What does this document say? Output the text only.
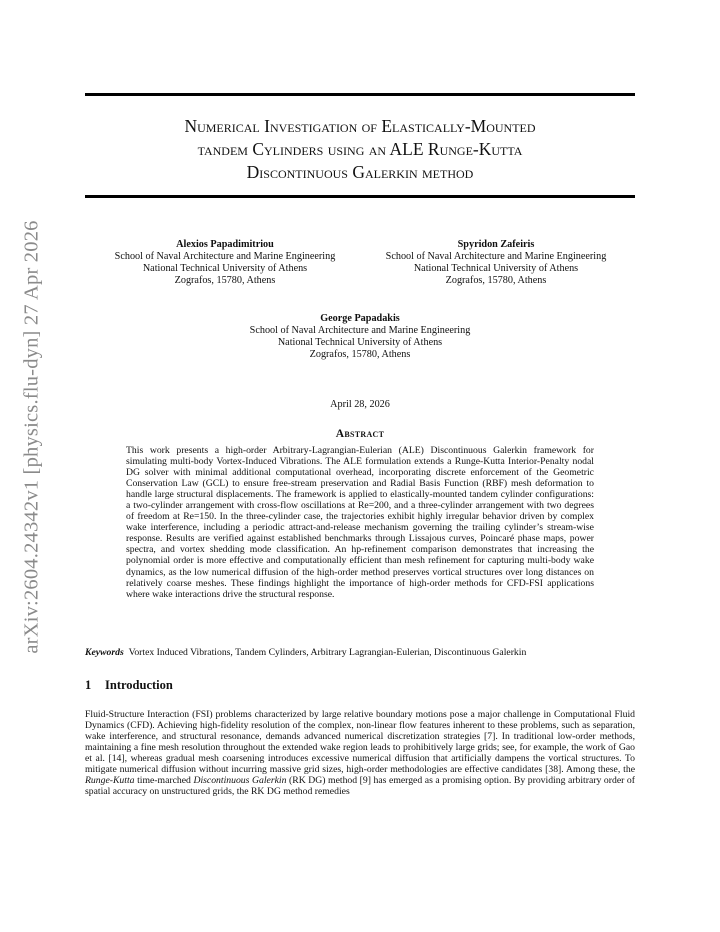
arXiv:2604.24342v1 [physics.flu-dyn] 27 Apr 2026
Numerical Investigation of Elastically-Mounted
tandem Cylinders using an ALE Runge-Kutta
Discontinuous Galerkin method
Alexios Papadimitriou
School of Naval Architecture and Marine Engineering
National Technical University of Athens
Zografos, 15780, Athens
Spyridon Zafeiris
School of Naval Architecture and Marine Engineering
National Technical University of Athens
Zografos, 15780, Athens
George Papadakis
School of Naval Architecture and Marine Engineering
National Technical University of Athens
Zografos, 15780, Athens
April 28, 2026
Abstract
This work presents a high-order Arbitrary-Lagrangian-Eulerian (ALE) Discontinuous Galerkin framework for simulating multi-body Vortex-Induced Vibrations. The ALE formulation extends a Runge-Kutta Interior-Penalty nodal DG solver with minimal additional computational overhead, incorporating discrete enforcement of the Geometric Conservation Law (GCL) to ensure free-stream preservation and Radial Basis Function (RBF) mesh deformation to handle large structural displacements. The framework is applied to elastically-mounted tandem cylinder configurations: a two-cylinder arrangement with cross-flow oscillations at Re=200, and a three-cylinder arrangement with two degrees of freedom at Re=150. In the three-cylinder case, the trajectories exhibit highly irregular behavior driven by complex wake interference, including a periodic attract-and-release mechanism governing the trailing cylinder’s stream-wise response. Results are verified against established benchmarks through Lissajous curves, Poincaré phase maps, power spectra, and vortex shedding mode classification. An hp-refinement comparison demonstrates that increasing the polynomial order is more effective and computationally efficient than mesh refinement for capturing multi-body wake dynamics, as the low numerical diffusion of the high-order method preserves vortical structures over long distances on relatively coarse meshes. These findings highlight the importance of high-order methods for CFD-FSI applications where wake interactions drive the structural response.
Keywords Vortex Induced Vibrations, Tandem Cylinders, Arbitrary Lagrangian-Eulerian, Discontinuous Galerkin
1 Introduction
Fluid-Structure Interaction (FSI) problems characterized by large relative boundary motions pose a major challenge in Computational Fluid Dynamics (CFD). Achieving high-fidelity resolution of the complex, non-linear flow features inherent to these problems, such as separation, wake interference, and structural resonance, demands advanced numerical discretization strategies [7]. In traditional low-order methods, maintaining a fine mesh resolution throughout the extended wake region leads to prohibitively large grids; see, for example, the work of Gao et al. [14], whereas gradual mesh coarsening introduces excessive numerical diffusion that artificially dampens the vortical structures. To mitigate numerical diffusion without incurring massive grid sizes, high-order methodologies are effective candidates [38]. Among these, the Runge-Kutta time-marched Discontinuous Galerkin (RK DG) method [9] has emerged as a promising option. By providing arbitrary order of spatial accuracy on unstructured grids, the RK DG method remedies
